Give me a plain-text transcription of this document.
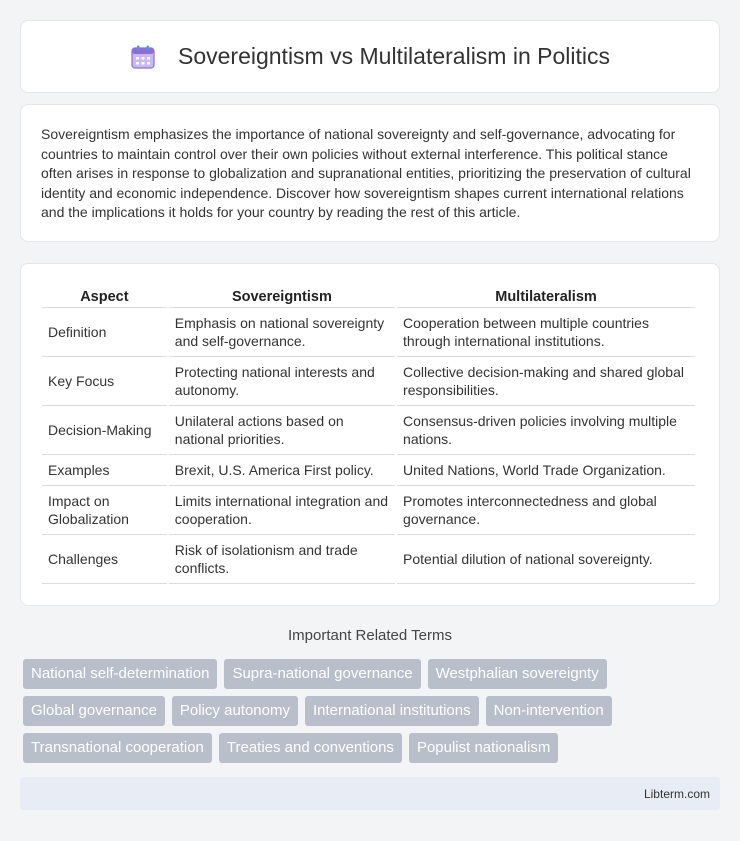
Sovereigntism vs Multilateralism in Politics

Sovereigntism emphasizes the importance of national sovereignty and self-governance, advocating for countries to maintain control over their own policies without external interference. This political stance often arises in response to globalization and supranational entities, prioritizing the preservation of cultural identity and economic independence. Discover how sovereigntism shapes current international relations and the implications it holds for your country by reading the rest of this article.

Aspect	Sovereigntism	Multilateralism
Definition	Emphasis on national sovereignty and self-governance.	Cooperation between multiple countries through international institutions.
Key Focus	Protecting national interests and autonomy.	Collective decision-making and shared global responsibilities.
Decision-Making	Unilateral actions based on national priorities.	Consensus-driven policies involving multiple nations.
Examples	Brexit, U.S. America First policy.	United Nations, World Trade Organization.
Impact on Globalization	Limits international integration and cooperation.	Promotes interconnectedness and global governance.
Challenges	Risk of isolationism and trade conflicts.	Potential dilution of national sovereignty.
Important Related Terms
National self-determination	Supra-national governance	Westphalian sovereignty
Global governance	Policy autonomy	International institutions	Non-intervention
Transnational cooperation	Treaties and conventions	Populist nationalism
Libterm.com
